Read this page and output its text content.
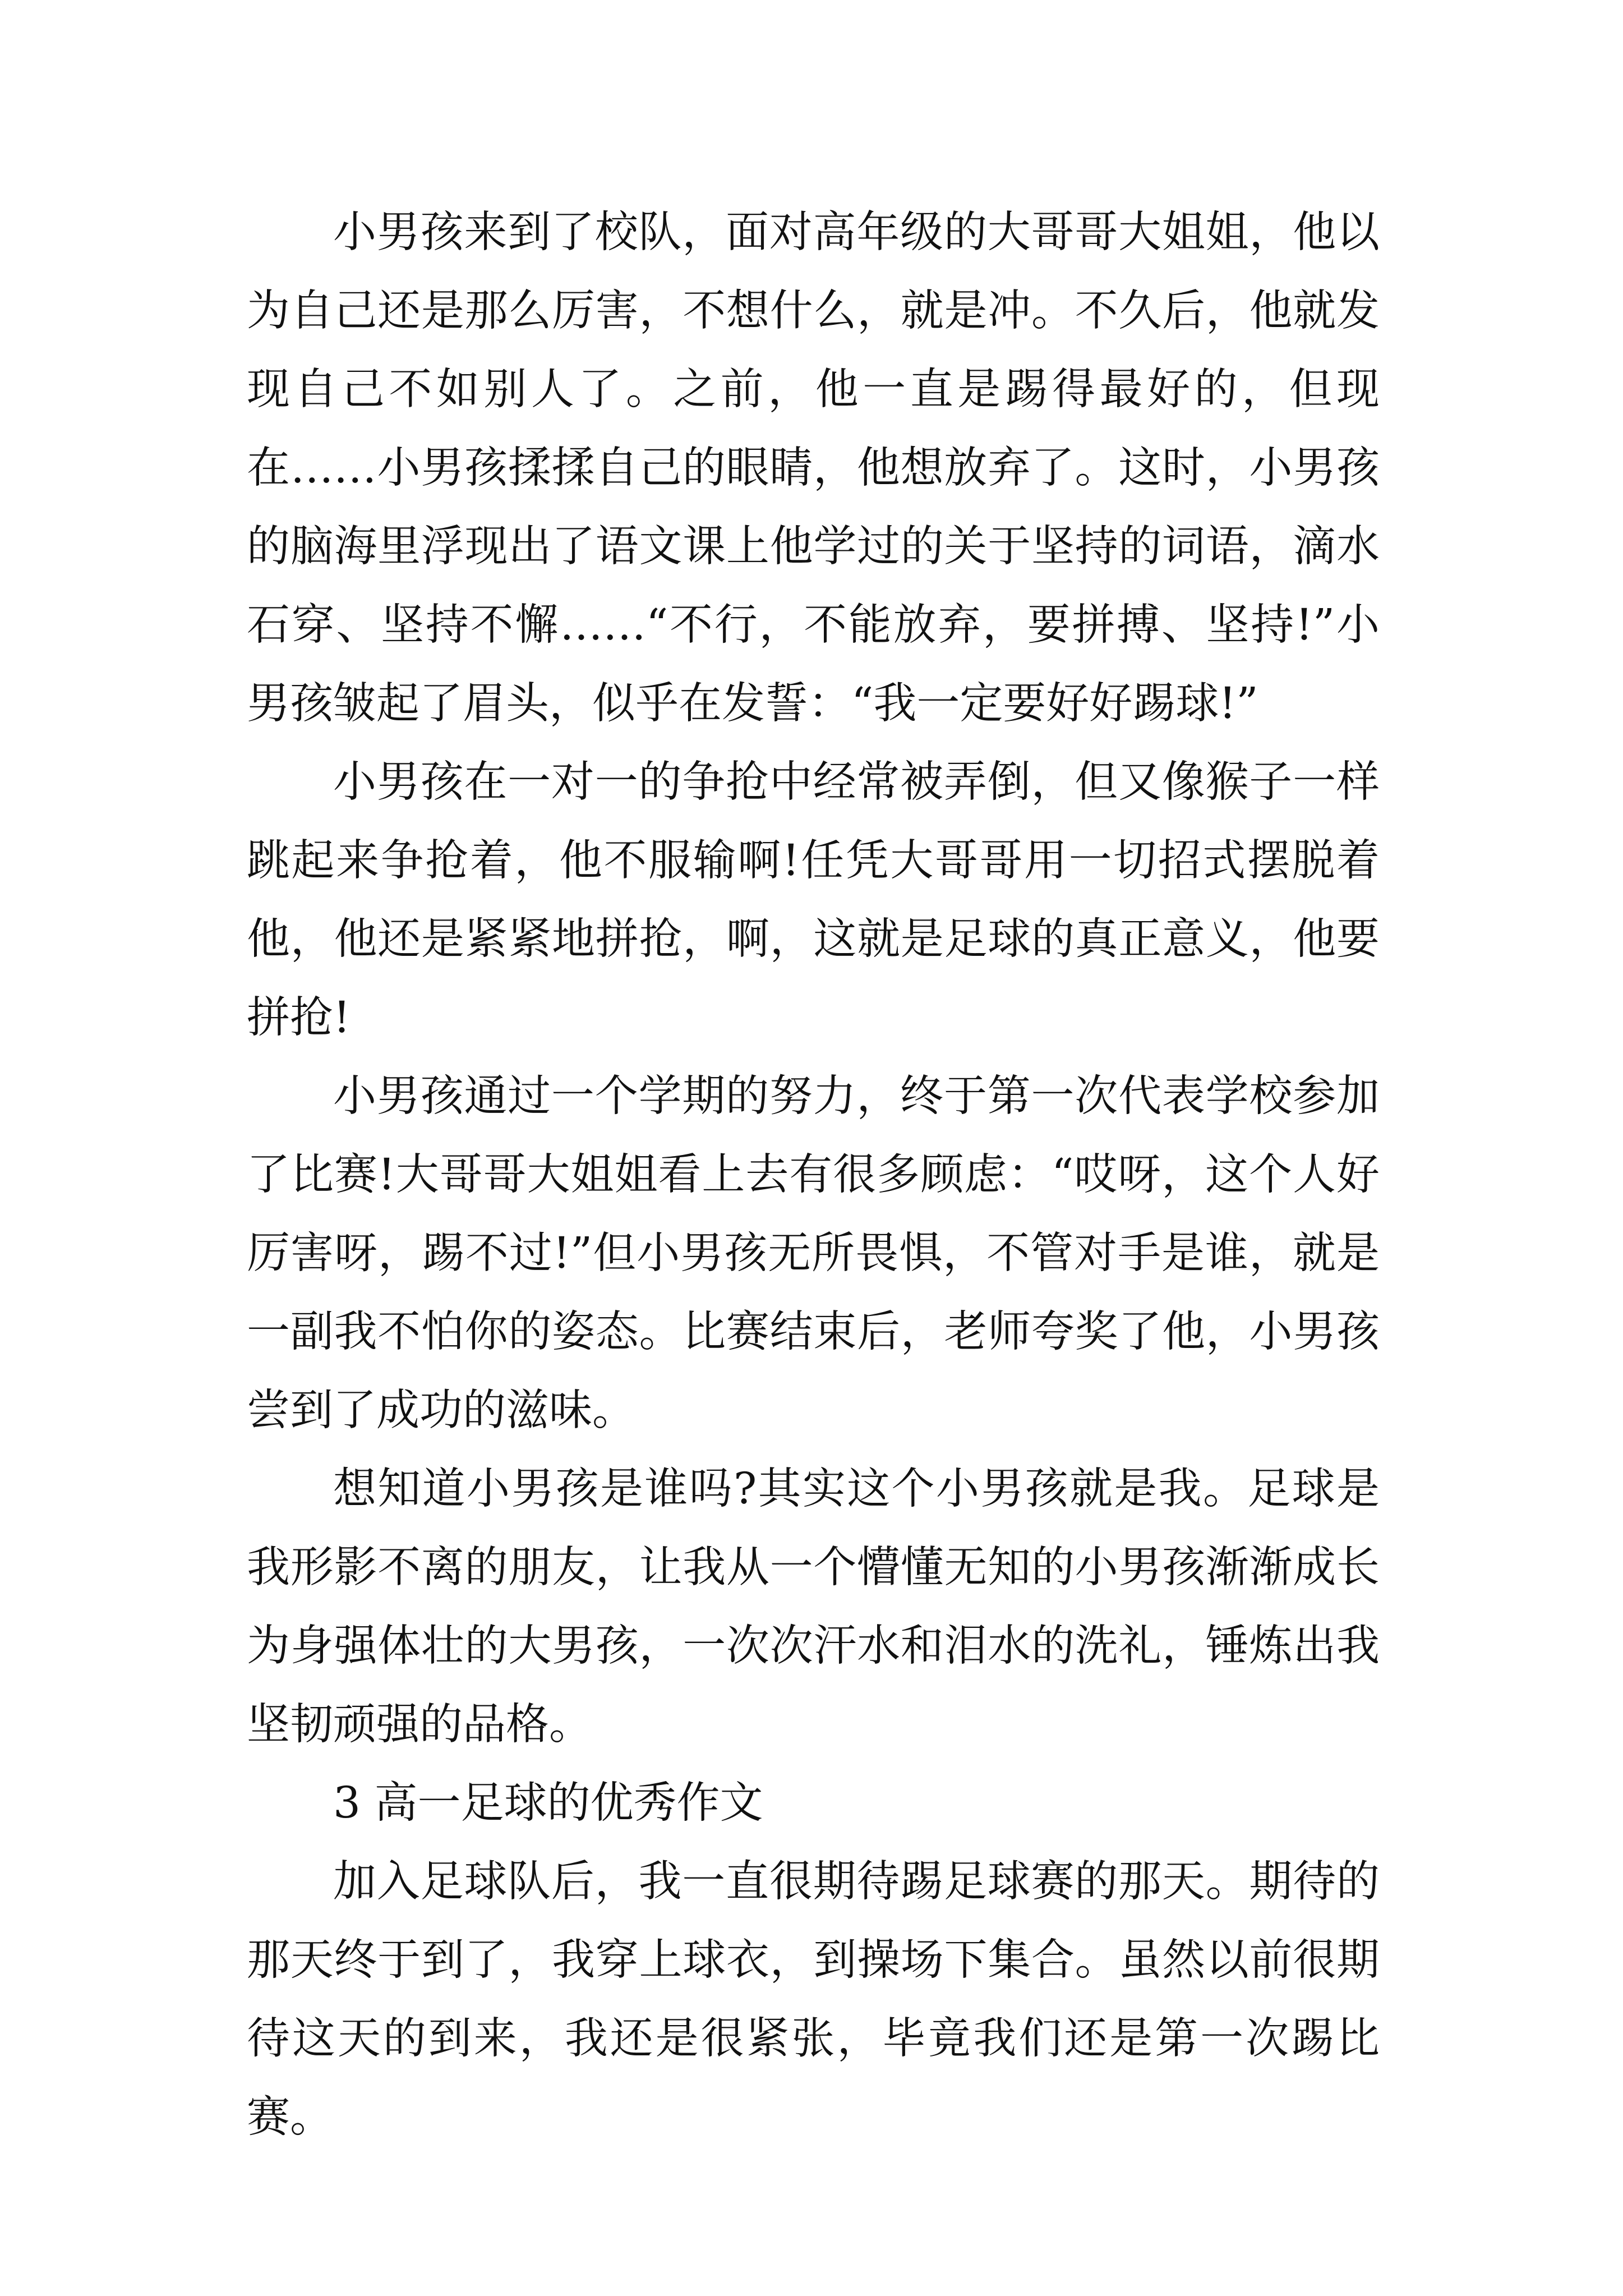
小男孩来到了校队，面对高年级的大哥哥大姐姐，他以为自己还是那么厉害，不想什么，就是冲。不久后，他就发现自己不如别人了。之前，他一直是踢得最好的，但现在……小男孩揉揉自己的眼睛，他想放弃了。这时，小男孩的脑海里浮现出了语文课上他学过的关于坚持的词语，滴水石穿、坚持不懈……“不行，不能放弃，要拼搏、坚持!”小男孩皱起了眉头，似乎在发誓：“我一定要好好踢球!”

小男孩在一对一的争抢中经常被弄倒，但又像猴子一样跳起来争抢着，他不服输啊!任凭大哥哥用一切招式摆脱着他，他还是紧紧地拼抢，啊，这就是足球的真正意义，他要拼抢!

小男孩通过一个学期的努力，终于第一次代表学校参加了比赛!大哥哥大姐姐看上去有很多顾虑：“哎呀，这个人好厉害呀，踢不过!”但小男孩无所畏惧，不管对手是谁，就是一副我不怕你的姿态。比赛结束后，老师夸奖了他，小男孩尝到了成功的滋味。

想知道小男孩是谁吗?其实这个小男孩就是我。足球是我形影不离的朋友，让我从一个懵懂无知的小男孩渐渐成长为身强体壮的大男孩，一次次汗水和泪水的洗礼，锤炼出我坚韧顽强的品格。

3 高一足球的优秀作文

加入足球队后，我一直很期待踢足球赛的那天。期待的那天终于到了，我穿上球衣，到操场下集合。虽然以前很期待这天的到来，我还是很紧张，毕竟我们还是第一次踢比赛。
